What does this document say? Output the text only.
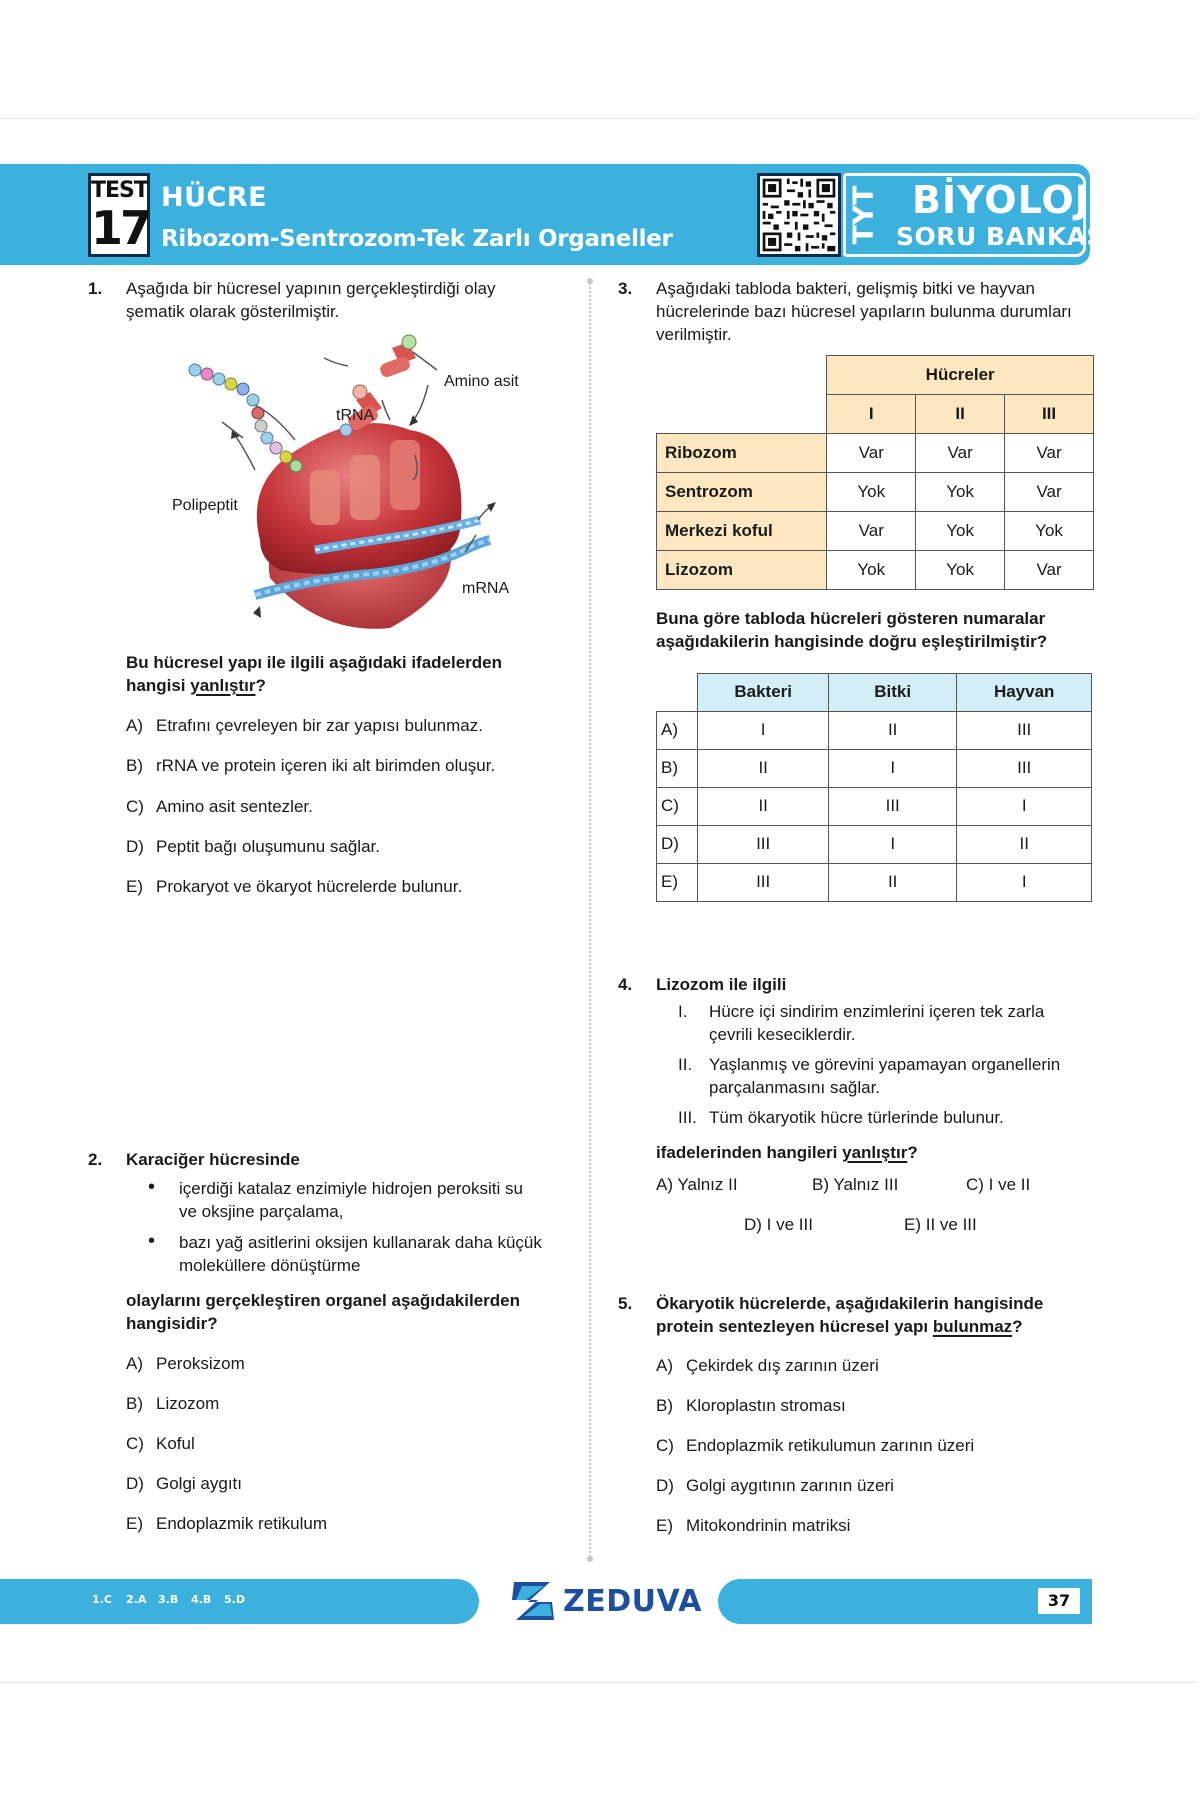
TEST
17
HÜCRE
Ribozom-Sentrozom-Tek Zarlı Organeller	TYT BİYOLOJİ
SORU BANKASI
1. Aşağıda bir hücresel yapının gerçekleştirdiği olay
şematik olarak gösterilmiştir.
Amino asit
tRNA
Polipeptit
mRNA
Bu hücresel yapı ile ilgili aşağıdaki ifadelerden
hangisi yanlıştır?
A) Etrafını çevreleyen bir zar yapısı bulunmaz.
B) rRNA ve protein içeren iki alt birimden oluşur.
C) Amino asit sentezler.
D) Peptit bağı oluşumunu sağlar.
E) Prokaryot ve ökaryot hücrelerde bulunur.
2. Karaciğer hücresinde
• içerdiği katalaz enzimiyle hidrojen peroksiti su
ve oksjine parçalama,
• bazı yağ asitlerini oksijen kullanarak daha küçük
moleküllere dönüştürme
olaylarını gerçekleştiren organel aşağıdakilerden
hangisidir?
A) Peroksizom
B) Lizozom
C) Koful
D) Golgi aygıtı
E) Endoplazmik retikulum
3. Aşağıdaki tabloda bakteri, gelişmiş bitki ve hayvan
hücrelerinde bazı hücresel yapıların bulunma durumları
verilmiştir.
	Hücreler		
	I	II	III
Ribozom	Var	Var	Var
Sentrozom	Yok	Yok	Var
Merkezi koful	Var	Yok	Yok
Lizozom	Yok	Yok	Var
Buna göre tabloda hücreleri gösteren numaralar
aşağıdakilerin hangisinde doğru eşleştirilmiştir?
	Bakteri	Bitki	Hayvan
A)	I	II	III
B)	II	I	III
C)	II	III	I
D)	III	I	II
E)	III	II	I
4. Lizozom ile ilgili
I. Hücre içi sindirim enzimlerini içeren tek zarla
çevrili keseciklerdir.
II. Yaşlanmış ve görevini yapamayan organellerin
parçalanmasını sağlar.
III. Tüm ökaryotik hücre türlerinde bulunur.
ifadelerinden hangileri yanlıştır?
A) Yalnız II	B) Yalnız III	C) I ve II
D) I ve III	E) II ve III
5. Ökaryotik hücrelerde, aşağıdakilerin hangisinde
protein sentezleyen hücresel yapı bulunmaz?
A) Çekirdek dış zarının üzeri
B) Kloroplastın stroması
C) Endoplazmik retikulumun zarının üzeri
D) Golgi aygıtının zarının üzeri
E) Mitokondrinin matriksi
1.C 2.A 3.B 4.B 5.D	ZEDUVA	37
